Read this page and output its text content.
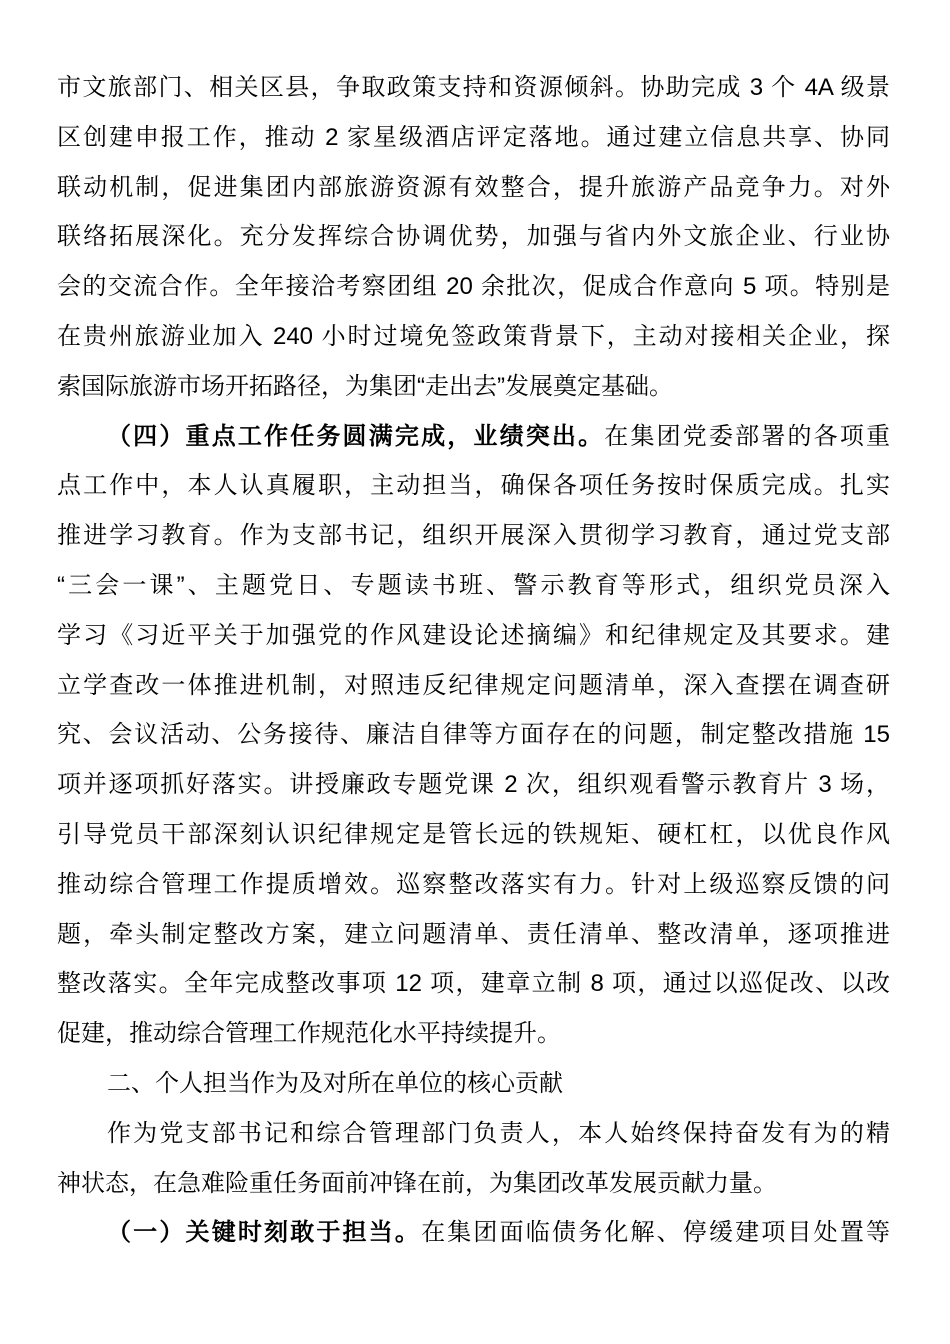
市文旅部门、相关区县，争取政策支持和资源倾斜。协助完成 3 个 4A 级景
区创建申报工作，推动 2 家星级酒店评定落地。通过建立信息共享、协同
联动机制，促进集团内部旅游资源有效整合，提升旅游产品竞争力。对外
联络拓展深化。充分发挥综合协调优势，加强与省内外文旅企业、行业协
会的交流合作。全年接洽考察团组 20 余批次，促成合作意向 5 项。特别是
在贵州旅游业加入 240 小时过境免签政策背景下，主动对接相关企业，探
索国际旅游市场开拓路径，为集团“走出去”发展奠定基础。
（四）重点工作任务圆满完成，业绩突出。在集团党委部署的各项重
点工作中，本人认真履职，主动担当，确保各项任务按时保质完成。扎实
推进学习教育。作为支部书记，组织开展深入贯彻学习教育，通过党支部
“三会一课”、主题党日、专题读书班、警示教育等形式，组织党员深入
学习《习近平关于加强党的作风建设论述摘编》和纪律规定及其要求。建
立学查改一体推进机制，对照违反纪律规定问题清单，深入查摆在调查研
究、会议活动、公务接待、廉洁自律等方面存在的问题，制定整改措施 15
项并逐项抓好落实。讲授廉政专题党课 2 次，组织观看警示教育片 3 场，
引导党员干部深刻认识纪律规定是管长远的铁规矩、硬杠杠，以优良作风
推动综合管理工作提质增效。巡察整改落实有力。针对上级巡察反馈的问
题，牵头制定整改方案，建立问题清单、责任清单、整改清单，逐项推进
整改落实。全年完成整改事项 12 项，建章立制 8 项，通过以巡促改、以改
促建，推动综合管理工作规范化水平持续提升。
二、个人担当作为及对所在单位的核心贡献
作为党支部书记和综合管理部门负责人，本人始终保持奋发有为的精
神状态，在急难险重任务面前冲锋在前，为集团改革发展贡献力量。
（一）关键时刻敢于担当。在集团面临债务化解、停缓建项目处置等
